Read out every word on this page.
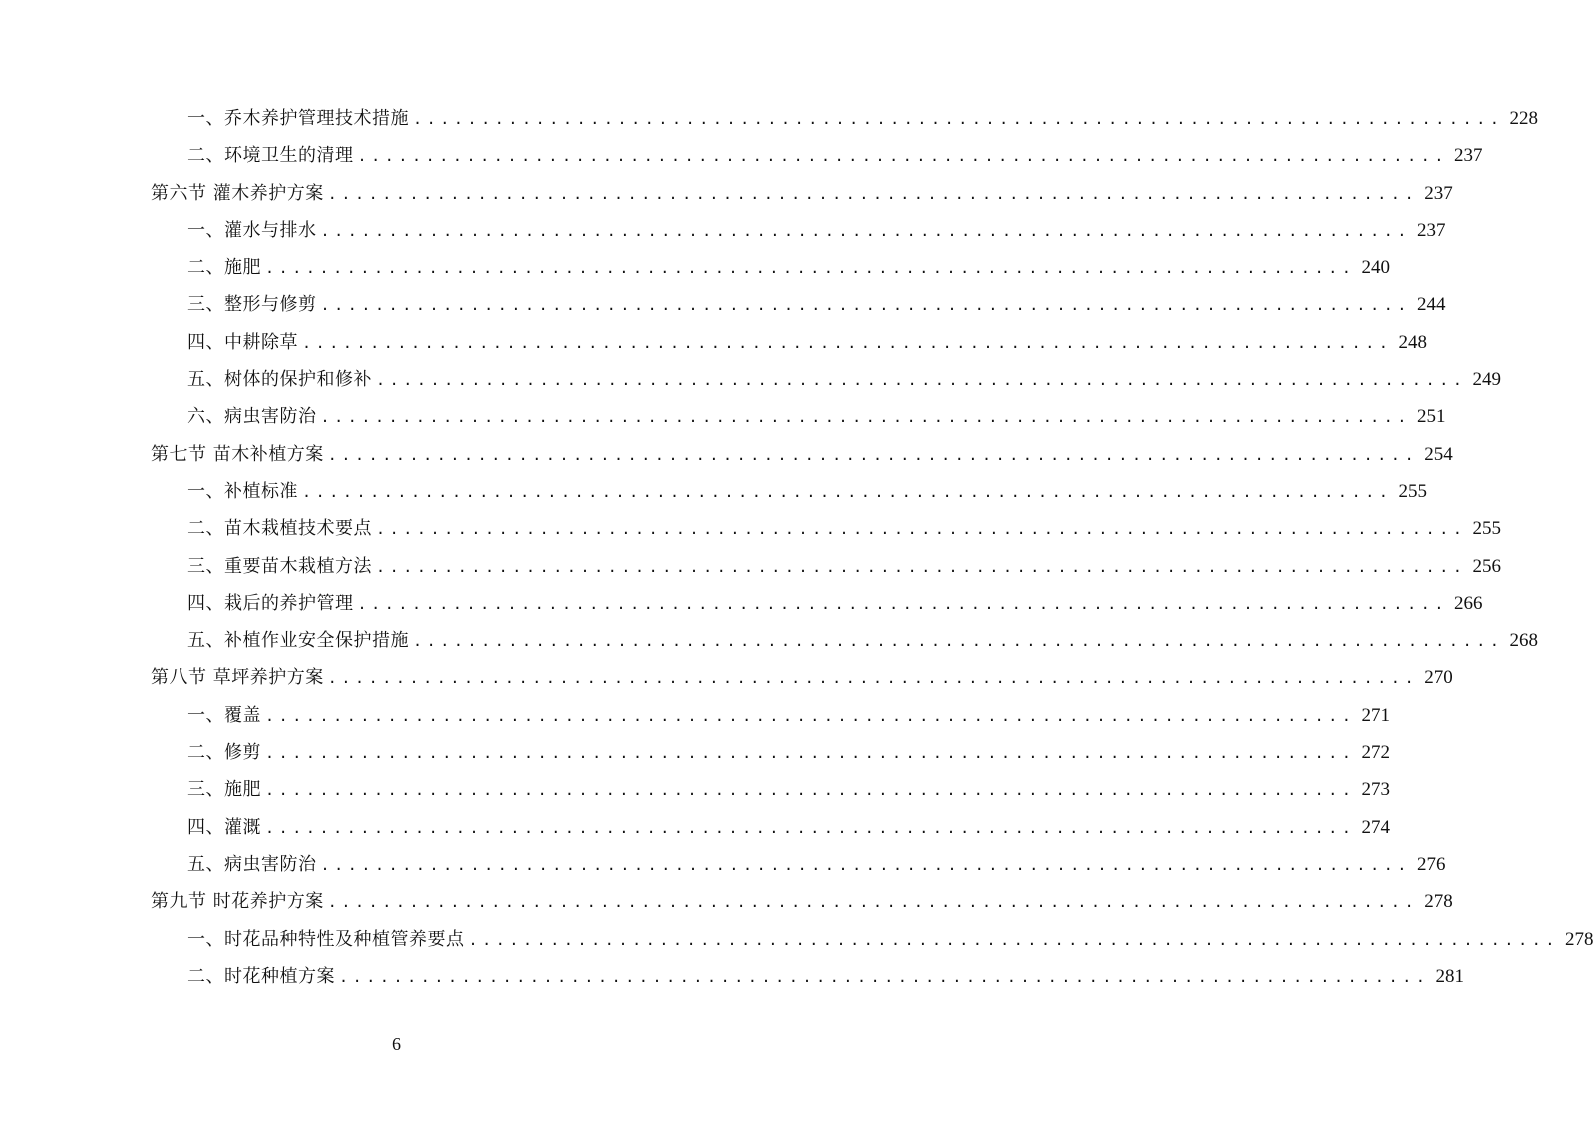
一、乔木养护管理技术措施 ................................................................................ 228
二、环境卫生的清理 ................................................................................ 237
第六节 灌木养护方案 ................................................................................ 237
一、灌水与排水 ................................................................................ 237
二、施肥 ................................................................................ 240
三、整形与修剪 ................................................................................ 244
四、中耕除草 ................................................................................ 248
五、树体的保护和修补 ................................................................................ 249
六、病虫害防治 ................................................................................ 251
第七节 苗木补植方案 ................................................................................ 254
一、补植标准 ................................................................................ 255
二、苗木栽植技术要点 ................................................................................ 255
三、重要苗木栽植方法 ................................................................................ 256
四、栽后的养护管理 ................................................................................ 266
五、补植作业安全保护措施 ................................................................................ 268
第八节 草坪养护方案 ................................................................................ 270
一、覆盖 ................................................................................ 271
二、修剪 ................................................................................ 272
三、施肥 ................................................................................ 273
四、灌溉 ................................................................................ 274
五、病虫害防治 ................................................................................ 276
第九节 时花养护方案 ................................................................................ 278
一、时花品种特性及种植管养要点 ................................................................................ 278
二、时花种植方案 ................................................................................ 281
6
